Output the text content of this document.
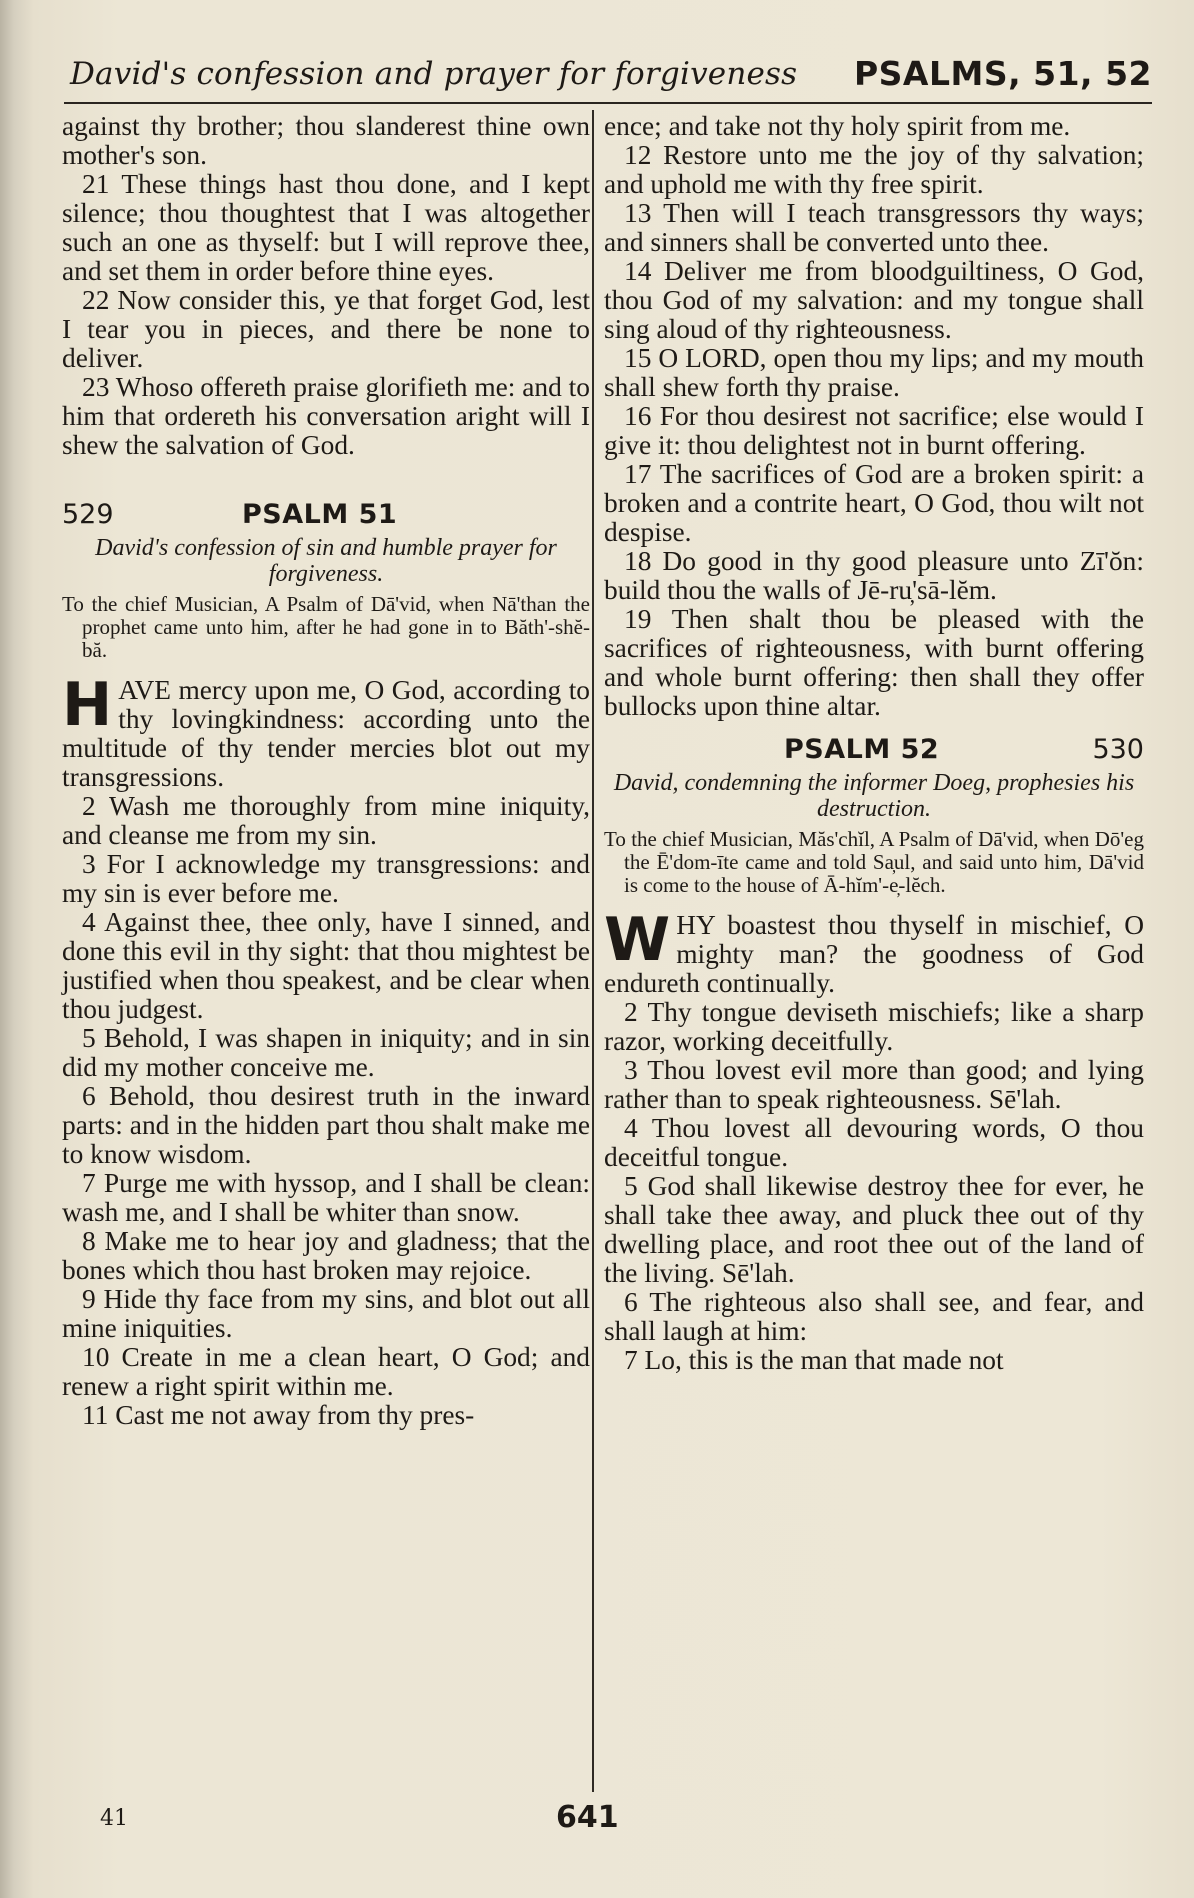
David's confession and prayer for forgiveness PSALMS, 51, 52

against thy brother; thou slanderest thine own mother's son.

21 These things hast thou done, and I kept silence; thou thoughtest that I was altogether such an one as thyself: but I will reprove thee, and set them in order before thine eyes.

22 Now consider this, ye that forget God, lest I tear you in pieces, and there be none to deliver.

23 Whoso offereth praise glorifieth me: and to him that ordereth his conversation aright will I shew the salvation of God.

529	PSALM 51
David's confession of sin and humble prayer for forgiveness.
To the chief Musician, A Psalm of Dā'vid, when Nā'than the prophet came unto him, after he had gone in to Băth'-shĕ-bă.

H AVE mercy upon me, O God, according to thy lovingkindness: according unto the multitude of thy tender mercies blot out my transgressions.

2 Wash me thoroughly from mine iniquity, and cleanse me from my sin.

3 For I acknowledge my transgressions: and my sin is ever before me.

4 Against thee, thee only, have I sinned, and done this evil in thy sight: that thou mightest be justified when thou speakest, and be clear when thou judgest.

5 Behold, I was shapen in iniquity; and in sin did my mother conceive me.

6 Behold, thou desirest truth in the inward parts: and in the hidden part thou shalt make me to know wisdom.

7 Purge me with hyssop, and I shall be clean: wash me, and I shall be whiter than snow.

8 Make me to hear joy and gladness; that the bones which thou hast broken may rejoice.

9 Hide thy face from my sins, and blot out all mine iniquities.

10 Create in me a clean heart, O God; and renew a right spirit within me.

11 Cast me not away from thy pres-

ence; and take not thy holy spirit from me.

12 Restore unto me the joy of thy salvation; and uphold me with thy free spirit.

13 Then will I teach transgressors thy ways; and sinners shall be converted unto thee.

14 Deliver me from bloodguiltiness, O God, thou God of my salvation: and my tongue shall sing aloud of thy righteousness.

15 O LORD, open thou my lips; and my mouth shall shew forth thy praise.

16 For thou desirest not sacrifice; else would I give it: thou delightest not in burnt offering.

17 The sacrifices of God are a broken spirit: a broken and a contrite heart, O God, thou wilt not despise.

18 Do good in thy good pleasure unto Zī'ŏn: build thou the walls of Jē-ru̦'sā-lĕm.

19 Then shalt thou be pleased with the sacrifices of righteousness, with burnt offering and whole burnt offering: then shall they offer bullocks upon thine altar.

PSALM 52	530
David, condemning the informer Doeg, prophesies his destruction.
To the chief Musician, Măs'chĭl, A Psalm of Dā'vid, when Dō'eg the Ē'dom-īte came and told Sa̦ul, and said unto him, Dā'vid is come to the house of Ā-hĭm'-e̦-lĕch.

W HY boastest thou thyself in mischief, O mighty man? the goodness of God endureth continually.

2 Thy tongue deviseth mischiefs; like a sharp razor, working deceitfully.

3 Thou lovest evil more than good; and lying rather than to speak righteousness. Sē'lah.

4 Thou lovest all devouring words, O thou deceitful tongue.

5 God shall likewise destroy thee for ever, he shall take thee away, and pluck thee out of thy dwelling place, and root thee out of the land of the living. Sē'lah.

6 The righteous also shall see, and fear, and shall laugh at him:

7 Lo, this is the man that made not

41	641
